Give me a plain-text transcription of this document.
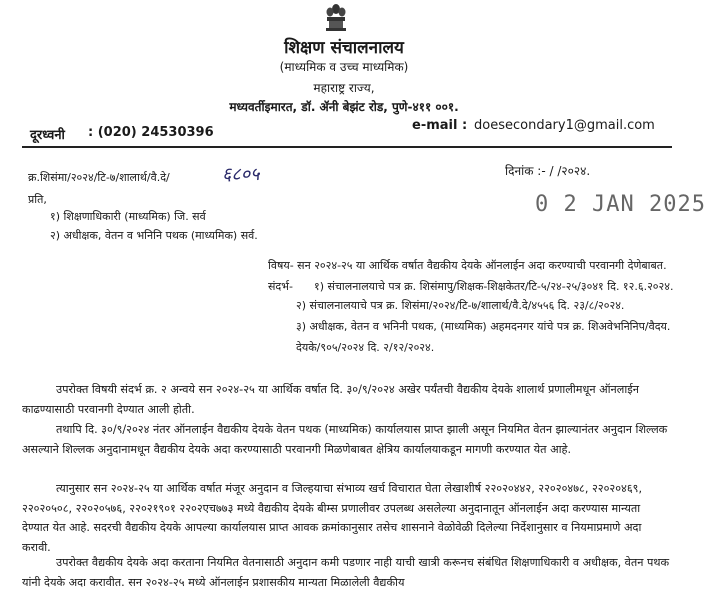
शिक्षण संचालनालय
(माध्यमिक व उच्च माध्यमिक)
महाराष्ट्र राज्य,
मध्यवर्तीइमारत, डॉ. ॲनी बेझंट रोड, पुणे-४११ ००१.
दूरध्वनी : (020) 24530396	e-mail : doesecondary1@gmail.com
क्र.शिसंमा/२०२४/टि-७/शालार्थ/वै.दे/	६८०५	दिनांक :- / /२०२४.
0 2 JAN 2025
प्रति,
१) शिक्षणाधिकारी (माध्यमिक) जि. सर्व
२) अधीक्षक, वेतन व भनिनि पथक (माध्यमिक) सर्व.
विषय- सन २०२४-२५ या आर्थिक वर्षात वैद्यकीय देयके ऑनलाईन अदा करण्याची परवानगी देणेबाबत.
संदर्भ- १) संचालनालयाचे पत्र क्र. शिसंमापु/शिक्षक-शिक्षकेतर/टि-५/२४-२५/३०४१ दि. १२.६.२०२४.
२) संचालनालयाचे पत्र क्र. शिसंमा/२०२४/टि-७/शालार्थ/वै.दे/४५५६ दि. २३/८/२०२४.
३) अधीक्षक, वेतन व भनिनी पथक, (माध्यमिक) अहमदनगर यांचे पत्र क्र. शिअवेभनिनिप/वैदय.
देयके/९०५/२०२४ दि. २/१२/२०२४.
उपरोक्त विषयी संदर्भ क्र. २ अन्वये सन २०२४-२५ या आर्थिक वर्षात दि. ३०/९/२०२४ अखेर पर्यंतची वैद्यकीय देयके शालार्थ प्रणालीमधून ऑनलाईन काढण्यासाठी परवानगी देण्यात आली होती.
तथापि दि. ३०/९/२०२४ नंतर ऑनलाईन वैद्यकीय देयके वेतन पथक (माध्यमिक) कार्यालयास प्राप्त झाली असून नियमित वेतन झाल्यानंतर अनुदान शिल्लक असल्याने शिल्लक अनुदानामधून वैद्यकीय देयके अदा करण्यासाठी परवानगी मिळणेबाबत क्षेत्रिय कार्यालयाकडून मागणी करण्यात येत आहे.
त्यानुसार सन २०२४-२५ या आर्थिक वर्षात मंजूर अनुदान व जिल्हयाचा संभाव्य खर्च विचारात घेता लेखाशीर्ष २२०२०४४२, २२०२०४७८, २२०२०४६९, २२०२०५०८, २२०२०५७६, २२०२१९०१ २२०२एच७७३ मध्ये वैद्यकीय देयके बीम्स प्रणालीवर उपलब्ध असलेल्या अनुदानातून ऑनलाईन अदा करण्यास मान्यता देण्यात येत आहे. सदरची वैद्यकीय देयके आपल्या कार्यालयास प्राप्त आवक क्रमांकानुसार तसेच शासनाने वेळोवेळी दिलेल्या निर्देशानुसार व नियमाप्रमाणे अदा करावी.
उपरोक्त वैद्यकीय देयके अदा करताना नियमित वेतनासाठी अनुदान कमी पडणार नाही याची खात्री करूनच संबंधित शिक्षणाधिकारी व अधीक्षक, वेतन पथक यांनी देयके अदा करावीत. सन २०२४-२५ मध्ये ऑनलाईन प्रशासकीय मान्यता मिळालेली वैद्यकीय
